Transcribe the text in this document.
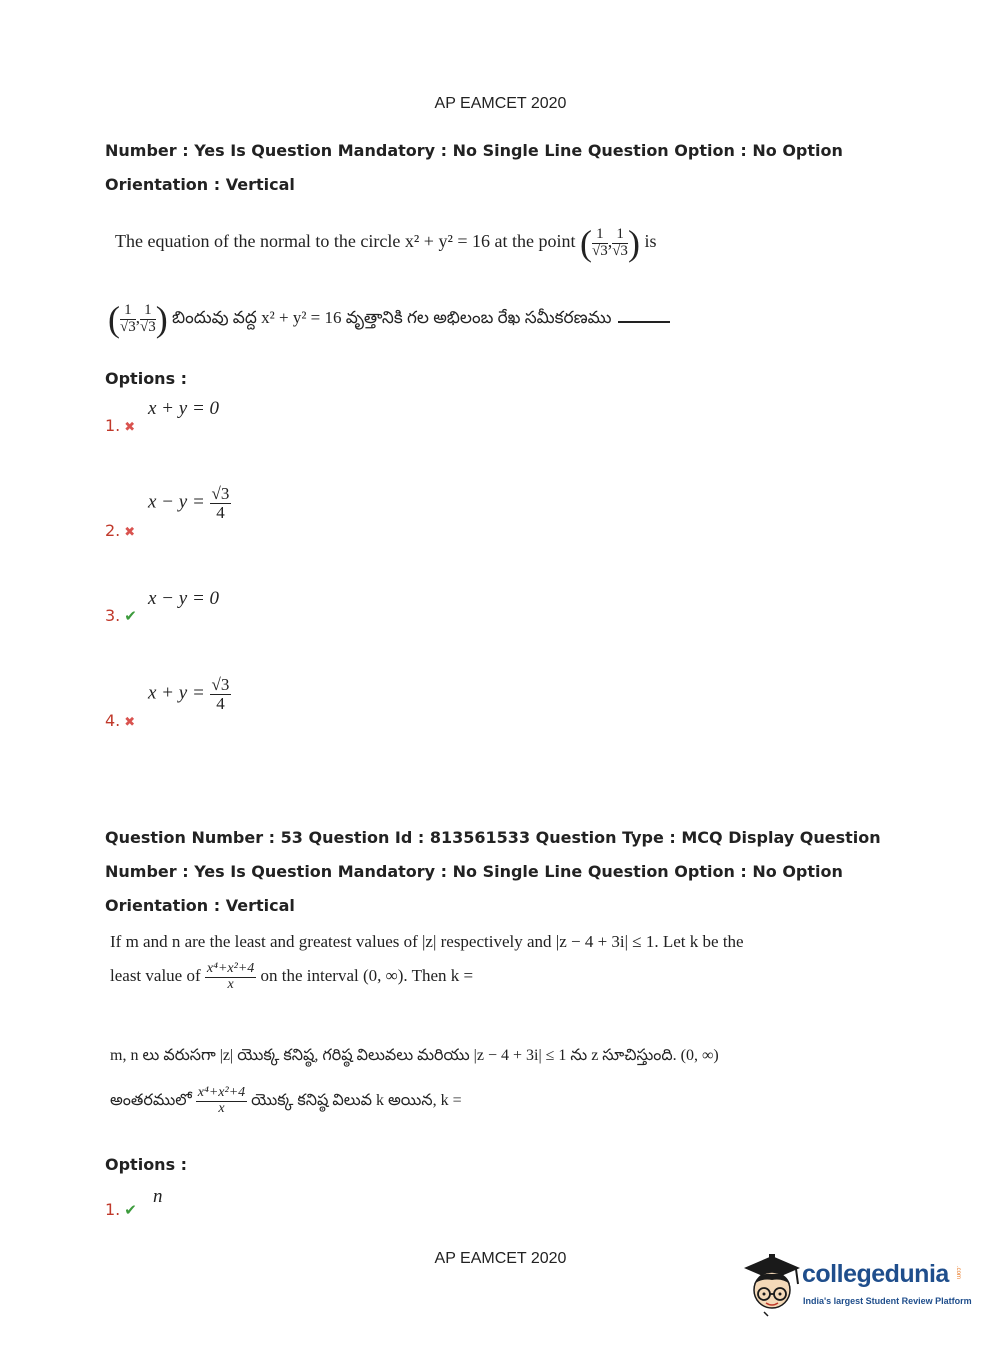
AP EAMCET 2020
Number : Yes Is Question Mandatory : No Single Line Question Option : No Option
Orientation : Vertical
The equation of the normal to the circle x² + y² = 16 at the point ( $\frac{1}{√3}$ , $\frac{1}{√3}$ ) is
( $\frac{1}{√3}$ , $\frac{1}{√3}$ ) బిందువు వద్ద x² + y² = 16 వృత్తానికి గల అభిలంబ రేఖ సమీకరణము
Options :
1. ✖
x + y = 0
2. ✖
$x - y = \frac{√3}{4}$
3. ✔
x − y = 0
4. ✖
$x + y = \frac{√3}{4}$
Question Number : 53 Question Id : 813561533 Question Type : MCQ Display Question
Number : Yes Is Question Mandatory : No Single Line Question Option : No Option
Orientation : Vertical
If m and n are the least and greatest values of |z| respectively and |z − 4 + 3i| ≤ 1. Let k be the
least value of $\frac{\text{x⁴+x²+4}}{x}$ on the interval (0, ∞). Then k =
m, n లు వరుసగా |z| యొక్క కనిష్ఠ, గరిష్ఠ విలువలు మరియు |z − 4 + 3i| ≤ 1 ను z సూచిస్తుంది. (0, ∞)
అంతరములో $\frac{\text{x⁴+x²+4}}{x}$ యొక్క కనిష్ఠ విలువ k అయిన, k =
Options :
1. ✔
n
AP EAMCET 2020
collegedunia .com
India's largest Student Review Platform
